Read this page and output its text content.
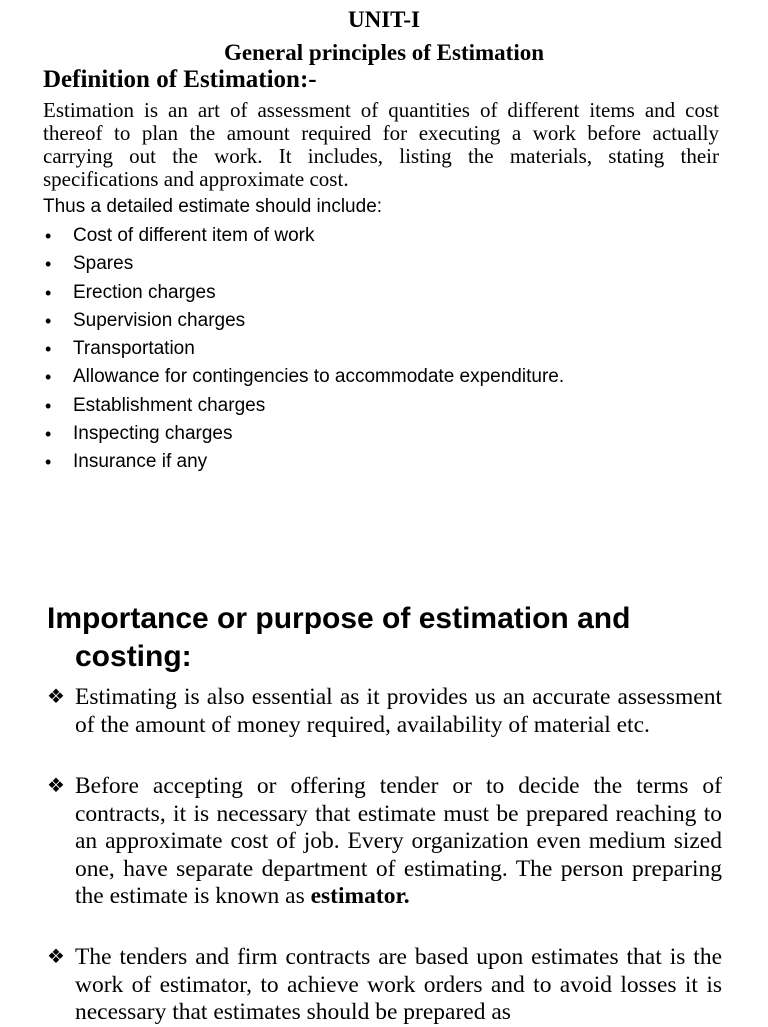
UNIT-I
General principles of Estimation
Definition of Estimation:-
Estimation is an art of assessment of quantities of different items and cost thereof to plan the amount required for executing a work before actually carrying out the work. It includes, listing the materials, stating their specifications and approximate cost.
Thus a detailed estimate should include:
• Cost of different item of work
• Spares
• Erection charges
• Supervision charges
• Transportation
• Allowance for contingencies to accommodate expenditure.
• Establishment charges
• Inspecting charges
• Insurance if any
Importance or purpose of estimation and
costing:
❖ Estimating is also essential as it provides us an accurate assessment of the amount of money required, availability of material etc.
❖ Before accepting or offering tender or to decide the terms of contracts, it is necessary that estimate must be prepared reaching to an approximate cost of job. Every organization even medium sized one, have separate department of estimating. The person preparing the estimate is known as estimator.
❖ The tenders and firm contracts are based upon estimates that is the work of estimator, to achieve work orders and to avoid losses it is necessary that estimates should be prepared as
